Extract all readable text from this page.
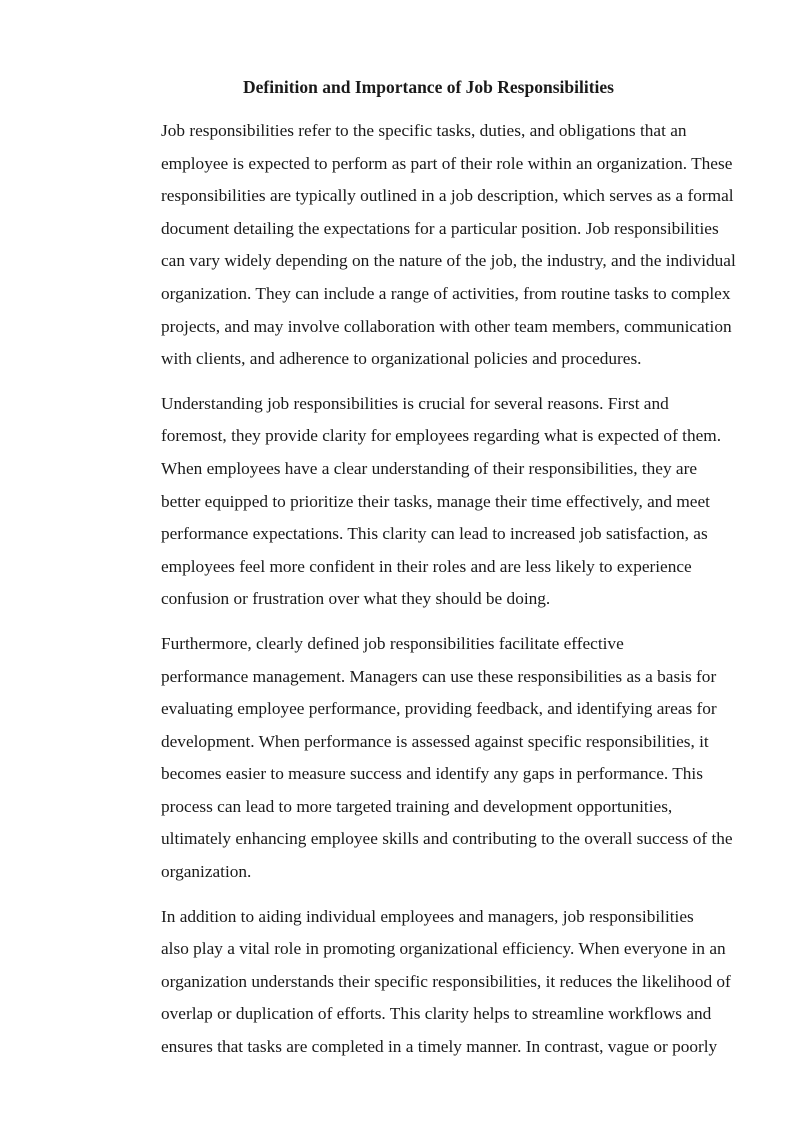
Definition and Importance of Job Responsibilities

Job responsibilities refer to the specific tasks, duties, and obligations that an
employee is expected to perform as part of their role within an organization. These
responsibilities are typically outlined in a job description, which serves as a formal
document detailing the expectations for a particular position. Job responsibilities
can vary widely depending on the nature of the job, the industry, and the individual
organization. They can include a range of activities, from routine tasks to complex
projects, and may involve collaboration with other team members, communication
with clients, and adherence to organizational policies and procedures.

Understanding job responsibilities is crucial for several reasons. First and
foremost, they provide clarity for employees regarding what is expected of them.
When employees have a clear understanding of their responsibilities, they are
better equipped to prioritize their tasks, manage their time effectively, and meet
performance expectations. This clarity can lead to increased job satisfaction, as
employees feel more confident in their roles and are less likely to experience
confusion or frustration over what they should be doing.

Furthermore, clearly defined job responsibilities facilitate effective
performance management. Managers can use these responsibilities as a basis for
evaluating employee performance, providing feedback, and identifying areas for
development. When performance is assessed against specific responsibilities, it
becomes easier to measure success and identify any gaps in performance. This
process can lead to more targeted training and development opportunities,
ultimately enhancing employee skills and contributing to the overall success of the
organization.

In addition to aiding individual employees and managers, job responsibilities
also play a vital role in promoting organizational efficiency. When everyone in an
organization understands their specific responsibilities, it reduces the likelihood of
overlap or duplication of efforts. This clarity helps to streamline workflows and
ensures that tasks are completed in a timely manner. In contrast, vague or poorly
